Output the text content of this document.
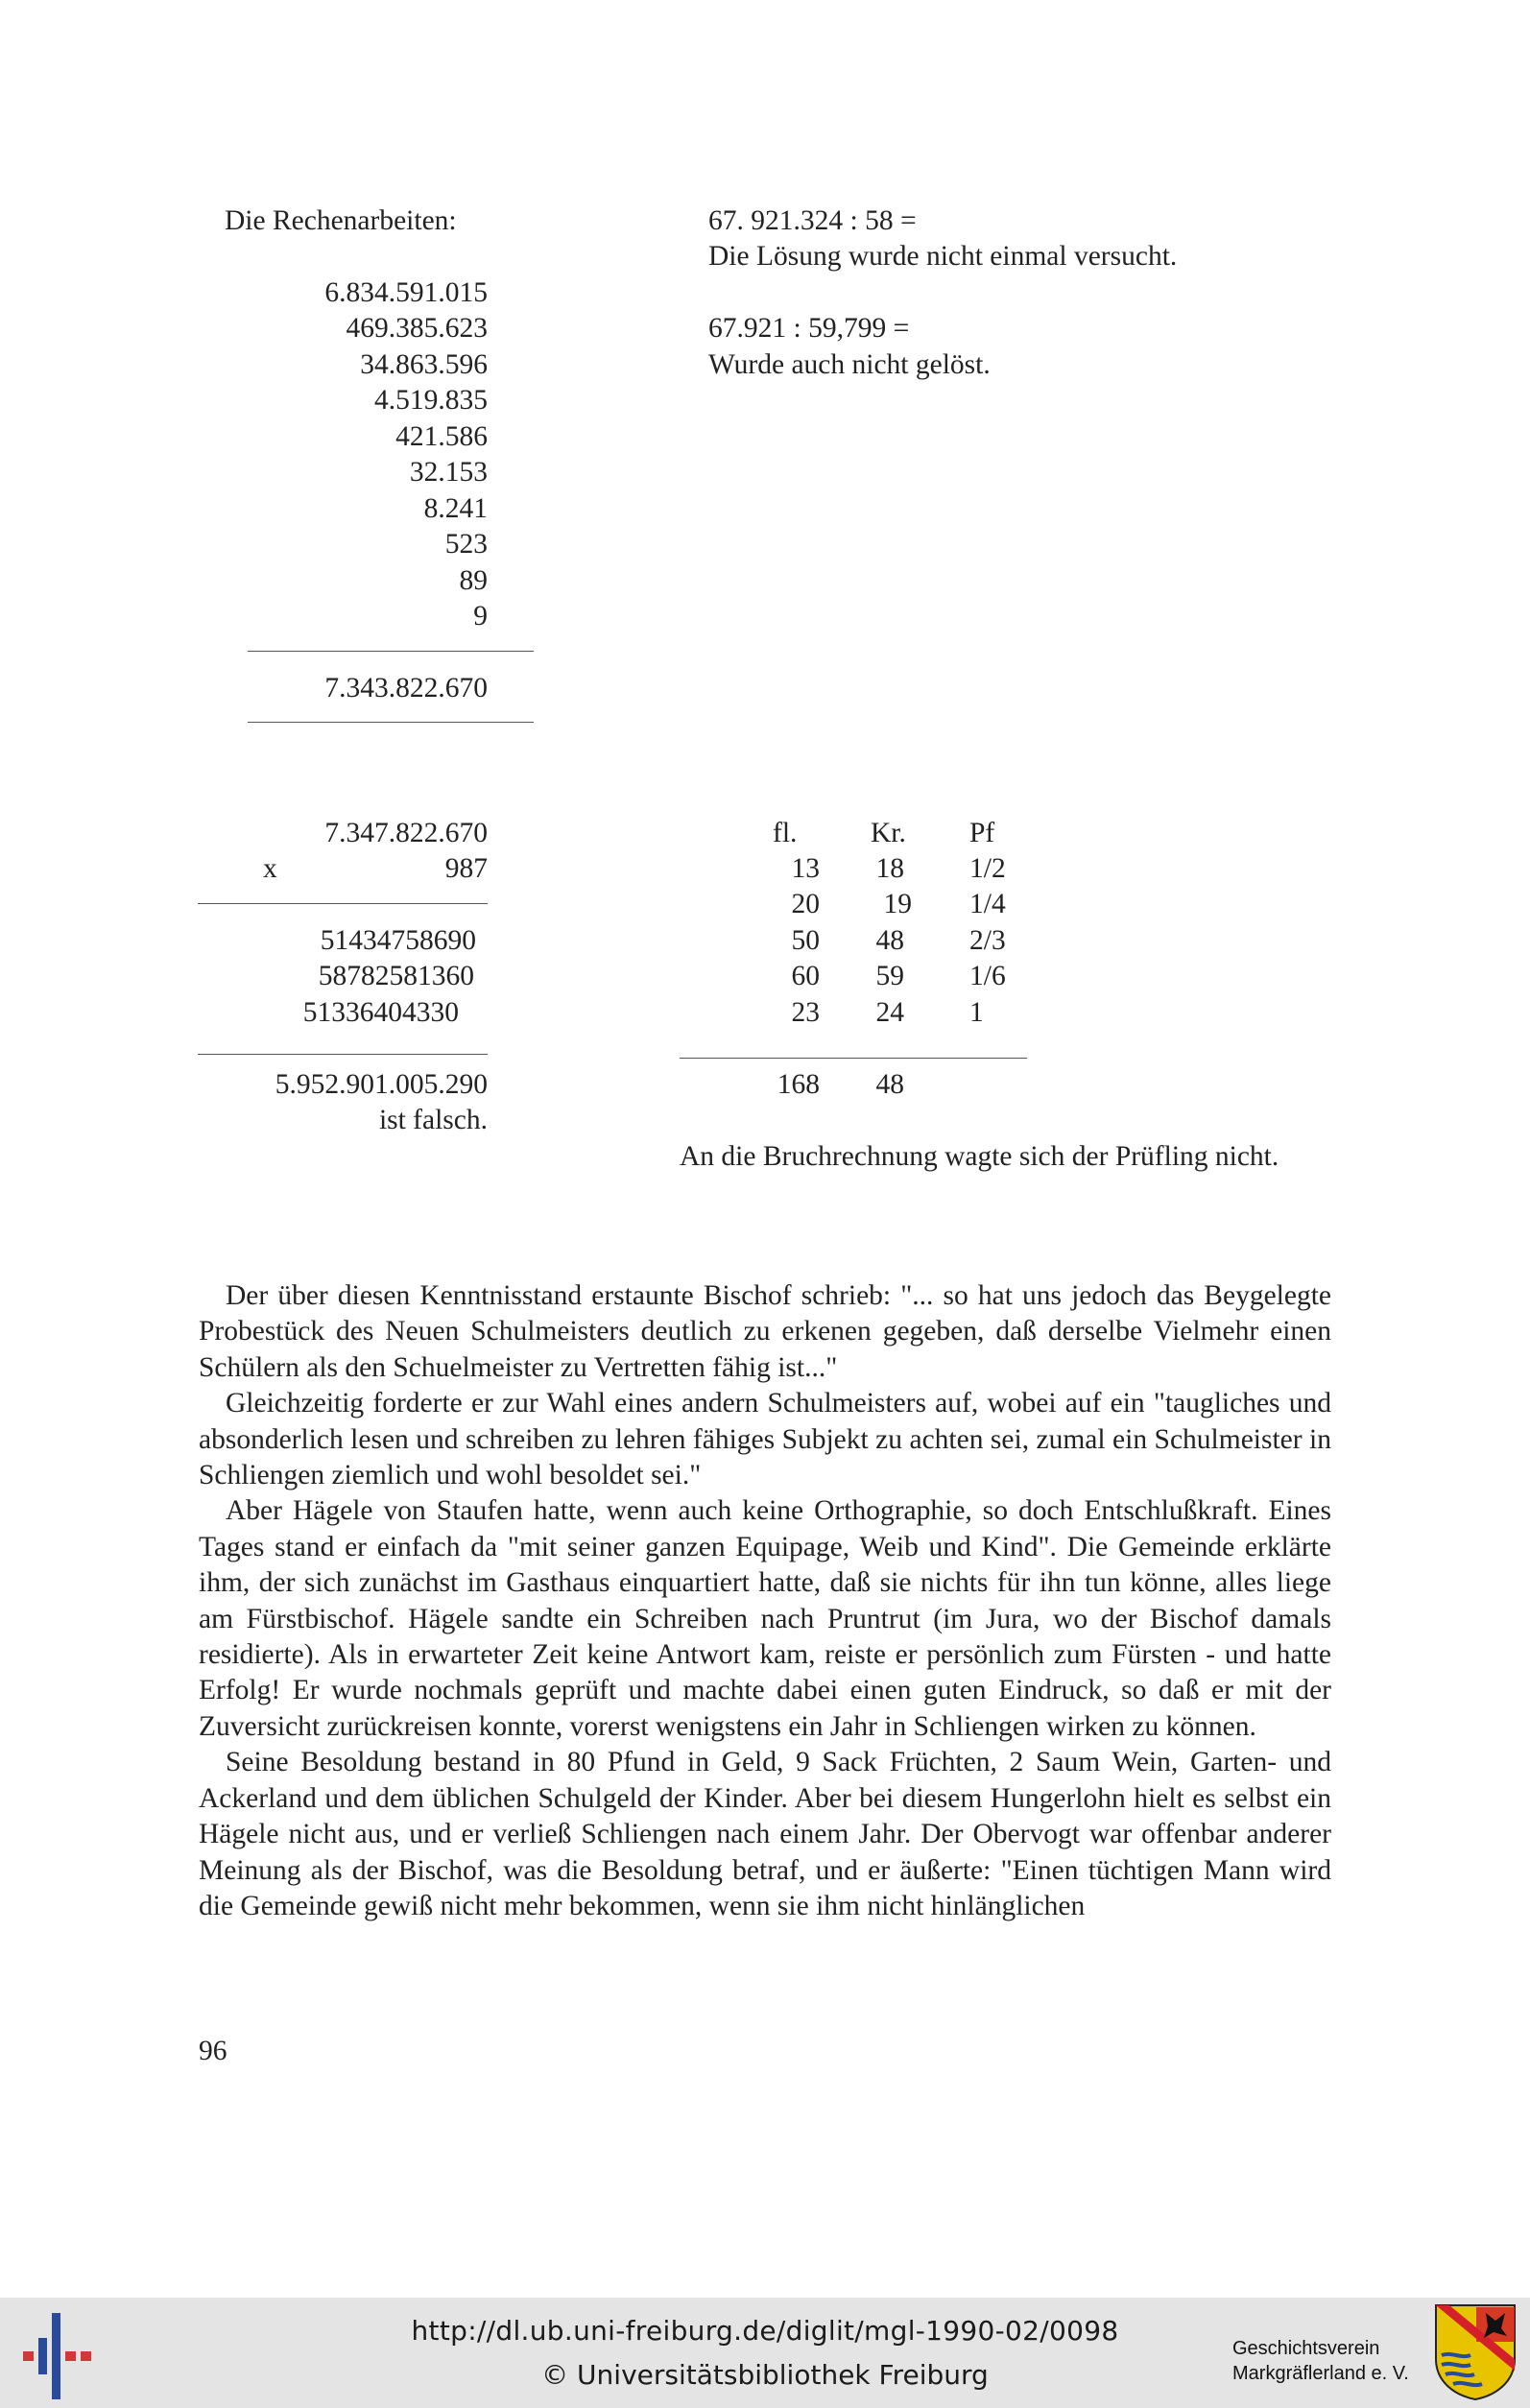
Die Rechenarbeiten:
6.834.591.015
469.385.623
34.863.596
4.519.835
421.586
32.153
8.241
523
89
9
7.343.822.670
7.347.822.670
x	987
51434758690
58782581360
51336404330
5.952.901.005.290
ist falsch.
67. 921.324 : 58 =
Die Lösung wurde nicht einmal versucht.
67.921 : 59,799 =
Wurde auch nicht gelöst.
fl.	Kr. Pf
13	18 1/2
20	19 1/4
50	48 2/3
60	59 1/6
23	24 1
168	48
An die Bruchrechnung wagte sich der Prüfling nicht.

Der über diesen Kenntnisstand erstaunte Bischof schrieb: "... so hat uns jedoch das Beygelegte Probestück des Neuen Schulmeisters deutlich zu erkenen gegeben, daß derselbe Vielmehr einen Schülern als den Schuelmeister zu Vertretten fähig ist..."

Gleichzeitig forderte er zur Wahl eines andern Schulmeisters auf, wobei auf ein "taugliches und absonderlich lesen und schreiben zu lehren fähiges Subjekt zu achten sei, zumal ein Schulmeister in Schliengen ziemlich und wohl besoldet sei."

Aber Hägele von Staufen hatte, wenn auch keine Orthographie, so doch Entschlußkraft. Eines Tages stand er einfach da "mit seiner ganzen Equipage, Weib und Kind". Die Gemeinde erklärte ihm, der sich zunächst im Gasthaus einquartiert hatte, daß sie nichts für ihn tun könne, alles liege am Fürstbischof. Hägele sandte ein Schreiben nach Pruntrut (im Jura, wo der Bischof damals residierte). Als in erwarteter Zeit keine Antwort kam, reiste er persönlich zum Fürsten - und hatte Erfolg! Er wurde nochmals geprüft und machte dabei einen guten Eindruck, so daß er mit der Zuversicht zurückreisen konnte, vorerst wenigstens ein Jahr in Schliengen wirken zu können.

Seine Besoldung bestand in 80 Pfund in Geld, 9 Sack Früchten, 2 Saum Wein, Garten- und Ackerland und dem üblichen Schulgeld der Kinder. Aber bei diesem Hungerlohn hielt es selbst ein Hägele nicht aus, und er verließ Schliengen nach einem Jahr. Der Obervogt war offenbar anderer Meinung als der Bischof, was die Besoldung betraf, und er äußerte: "Einen tüchtigen Mann wird die Gemeinde gewiß nicht mehr bekommen, wenn sie ihm nicht hinlänglichen

96
http://dl.ub.uni-freiburg.de/diglit/mgl-1990-02/0098
© Universitätsbibliothek Freiburg
Geschichtsverein
Markgräflerland e. V.
